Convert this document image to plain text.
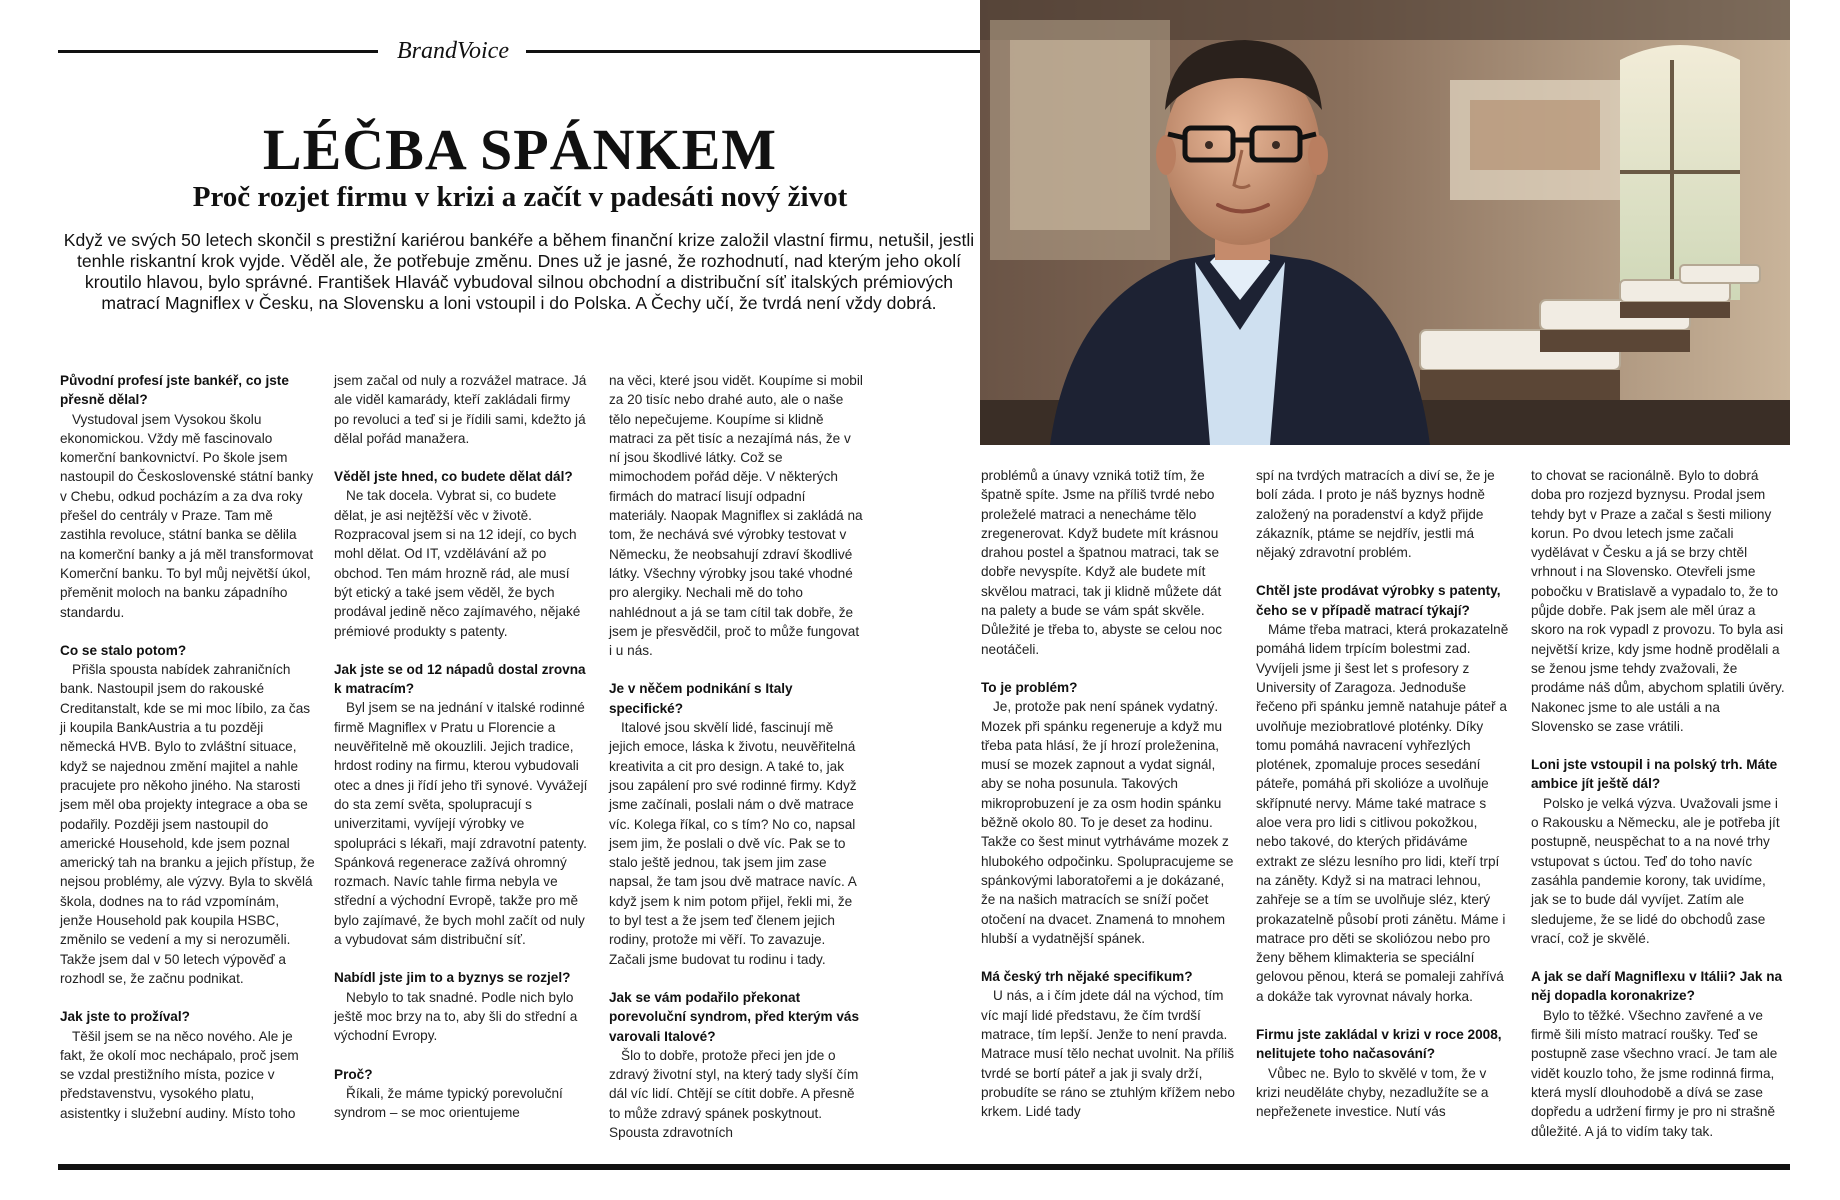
BrandVoice
LÉČBA SPÁNKEM
Proč rozjet firmu v krizi a začít v padesáti nový život
Když ve svých 50 letech skončil s prestižní kariérou bankéře a během finanční krize založil vlastní firmu, netušil, jestli tenhle riskantní krok vyjde. Věděl ale, že potřebuje změnu. Dnes už je jasné, že rozhodnutí, nad kterým jeho okolí kroutilo hlavou, bylo správné. František Hlaváč vybudoval silnou obchodní a distribuční síť italských prémiových matrací Magniflex v Česku, na Slovensku a loni vstoupil i do Polska. A Čechy učí, že tvrdá není vždy dobrá.
Původní profesí jste bankéř, co jste přesně dělal?

Vystudoval jsem Vysokou školu ekonomickou. Vždy mě fascinovalo komerční bankovnictví. Po škole jsem nastoupil do Československé státní banky v Chebu, odkud pocházím a za dva roky přešel do centrály v Praze. Tam mě zastihla revoluce, státní banka se dělila na komerční banky a já měl transformovat Komerční banku. To byl můj největší úkol, přeměnit moloch na banku západního standardu.

Co se stalo potom?

Přišla spousta nabídek zahraničních bank. Nastoupil jsem do rakouské Creditanstalt, kde se mi moc líbilo, za čas ji koupila BankAustria a tu později německá HVB. Bylo to zvláštní situace, když se najednou změní majitel a nahle pracujete pro někoho jiného. Na starosti jsem měl oba projekty integrace a oba se podařily. Později jsem nastoupil do americké Household, kde jsem poznal americký tah na branku a jejich přístup, že nejsou problémy, ale výzvy. Byla to skvělá škola, dodnes na to rád vzpomínám, jenže Household pak koupila HSBC, změnilo se vedení a my si nerozuměli. Takže jsem dal v 50 letech výpověď a rozhodl se, že začnu podnikat.

Jak jste to prožíval?

Těšil jsem se na něco nového. Ale je fakt, že okolí moc nechápalo, proč jsem se vzdal prestižního místa, pozice v představenstvu, vysokého platu, asistentky i služební audiny. Místo toho

jsem začal od nuly a rozvážel matrace. Já ale viděl kamarády, kteří zakládali firmy po revoluci a teď si je řídili sami, kdežto já dělal pořád manažera.

Věděl jste hned, co budete dělat dál?

Ne tak docela. Vybrat si, co budete dělat, je asi nejtěžší věc v životě. Rozpracoval jsem si na 12 idejí, co bych mohl dělat. Od IT, vzdělávání až po obchod. Ten mám hrozně rád, ale musí být etický a také jsem věděl, že bych prodával jedině něco zajímavého, nějaké prémiové produkty s patenty.

Jak jste se od 12 nápadů dostal zrovna k matracím?

Byl jsem se na jednání v italské rodinné firmě Magniflex v Pratu u Florencie a neuvěřitelně mě okouzlili. Jejich tradice, hrdost rodiny na firmu, kterou vybudovali otec a dnes ji řídí jeho tři synové. Vyvážejí do sta zemí světa, spolupracují s univerzitami, vyvíjejí výrobky ve spolupráci s lékaři, mají zdravotní patenty. Spánková regenerace zažívá ohromný rozmach. Navíc tahle firma nebyla ve střední a východní Evropě, takže pro mě bylo zajímavé, že bych mohl začít od nuly a vybudovat sám distribuční síť.

Nabídl jste jim to a byznys se rozjel?

Nebylo to tak snadné. Podle nich bylo ještě moc brzy na to, aby šli do střední a východní Evropy.

Proč?

Říkali, že máme typický porevoluční syndrom – se moc orientujeme

na věci, které jsou vidět. Koupíme si mobil za 20 tisíc nebo drahé auto, ale o naše tělo nepečujeme. Koupíme si klidně matraci za pět tisíc a nezajímá nás, že v ní jsou škodlivé látky. Což se mimochodem pořád děje. V některých firmách do matrací lisují odpadní materiály. Naopak Magniflex si zakládá na tom, že nechává své výrobky testovat v Německu, že neobsahují zdraví škodlivé látky. Všechny výrobky jsou také vhodné pro alergiky. Nechali mě do toho nahlédnout a já se tam cítil tak dobře, že jsem je přesvědčil, proč to může fungovat i u nás.

Je v něčem podnikání s Italy specifické?

Italové jsou skvělí lidé, fascinují mě jejich emoce, láska k životu, neuvěřitelná kreativita a cit pro design. A také to, jak jsou zapálení pro své rodinné firmy. Když jsme začínali, poslali nám o dvě matrace víc. Kolega říkal, co s tím? No co, napsal jsem jim, že poslali o dvě víc. Pak se to stalo ještě jednou, tak jsem jim zase napsal, že tam jsou dvě matrace navíc. A když jsem k nim potom přijel, řekli mi, že to byl test a že jsem teď členem jejich rodiny, protože mi věří. To zavazuje. Začali jsme budovat tu rodinu i tady.

Jak se vám podařilo překonat porevoluční syndrom, před kterým vás varovali Italové?

Šlo to dobře, protože přeci jen jde o zdravý životní styl, na který tady slyší čím dál víc lidí. Chtějí se cítit dobře. A přesně to může zdravý spánek poskytnout. Spousta zdravotních

problémů a únavy vzniká totiž tím, že špatně spíte. Jsme na příliš tvrdé nebo proleželé matraci a nenecháme tělo zregenerovat. Když budete mít krásnou drahou postel a špatnou matraci, tak se dobře nevyspíte. Když ale budete mít skvělou matraci, tak ji klidně můžete dát na palety a bude se vám spát skvěle. Důležité je třeba to, abyste se celou noc neotáčeli.

To je problém?

Je, protože pak není spánek vydatný. Mozek při spánku regeneruje a když mu třeba pata hlásí, že jí hrozí proleženina, musí se mozek zapnout a vydat signál, aby se noha posunula. Takových mikroprobuzení je za osm hodin spánku běžně okolo 80. To je deset za hodinu. Takže co šest minut vytrháváme mozek z hlubokého odpočinku. Spolupracujeme se spánkovými laboratořemi a je dokázané, že na našich matracích se sníží počet otočení na dvacet. Znamená to mnohem hlubší a vydatnější spánek.

Má český trh nějaké specifikum?

U nás, a i čím jdete dál na východ, tím víc mají lidé představu, že čím tvrdší matrace, tím lepší. Jenže to není pravda. Matrace musí tělo nechat uvolnit. Na příliš tvrdé se bortí páteř a jak ji svaly drží, probudíte se ráno se ztuhlým křížem nebo krkem. Lidé tady

spí na tvrdých matracích a diví se, že je bolí záda. I proto je náš byznys hodně založený na poradenství a když přijde zákazník, ptáme se nejdřív, jestli má nějaký zdravotní problém.

Chtěl jste prodávat výrobky s patenty, čeho se v případě matrací týkají?

Máme třeba matraci, která prokazatelně pomáhá lidem trpícím bolestmi zad. Vyvíjeli jsme ji šest let s profesory z University of Zaragoza. Jednoduše řečeno při spánku jemně natahuje páteř a uvolňuje meziobratlové ploténky. Díky tomu pomáhá navracení vyhřezlých plotének, zpomaluje proces sesedání páteře, pomáhá při skolióze a uvolňuje skřípnuté nervy. Máme také matrace s aloe vera pro lidi s citlivou pokožkou, nebo takové, do kterých přidáváme extrakt ze slézu lesního pro lidi, kteří trpí na záněty. Když si na matraci lehnou, zahřeje se a tím se uvolňuje sléz, který prokazatelně působí proti zánětu. Máme i matrace pro děti se skoliózou nebo pro ženy během klimakteria se speciální gelovou pěnou, která se pomaleji zahřívá a dokáže tak vyrovnat návaly horka.

Firmu jste zakládal v krizi v roce 2008, nelitujete toho načasování?

Vůbec ne. Bylo to skvělé v tom, že v krizi neuděláte chyby, nezadlužíte se a nepřeženete investice. Nutí vás

to chovat se racionálně. Bylo to dobrá doba pro rozjezd byznysu. Prodal jsem tehdy byt v Praze a začal s šesti miliony korun. Po dvou letech jsme začali vydělávat v Česku a já se brzy chtěl vrhnout i na Slovensko. Otevřeli jsme pobočku v Bratislavě a vypadalo to, že to půjde dobře. Pak jsem ale měl úraz a skoro na rok vypadl z provozu. To byla asi největší krize, kdy jsme hodně prodělali a se ženou jsme tehdy zvažovali, že prodáme náš dům, abychom splatili úvěry. Nakonec jsme to ale ustáli a na Slovensko se zase vrátili.

Loni jste vstoupil i na polský trh. Máte ambice jít ještě dál?

Polsko je velká výzva. Uvažovali jsme i o Rakousku a Německu, ale je potřeba jít postupně, neuspěchat to a na nové trhy vstupovat s úctou. Teď do toho navíc zasáhla pandemie korony, tak uvidíme, jak se to bude dál vyvíjet. Zatím ale sledujeme, že se lidé do obchodů zase vrací, což je skvělé.

A jak se daří Magniflexu v Itálii? Jak na něj dopadla koronakrize?

Bylo to těžké. Všechno zavřené a ve firmě šili místo matrací roušky. Teď se postupně zase všechno vrací. Je tam ale vidět kouzlo toho, že jsme rodinná firma, která myslí dlouhodobě a dívá se zase dopředu a udržení firmy je pro ni strašně důležité. A já to vidím taky tak.
